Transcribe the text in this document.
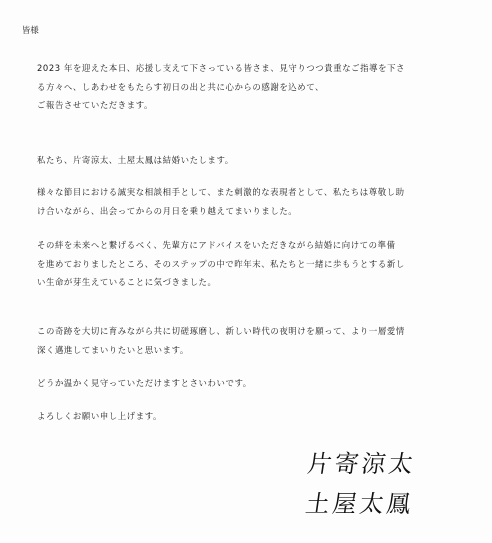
皆様
2023 年を迎えた本日、応援し支えて下さっている皆さま、見守りつつ貴重なご指導を下さ
る方々へ、しあわせをもたらす初日の出と共に心からの感謝を込めて、
ご報告させていただきます。
私たち、片寄涼太、土屋太鳳は結婚いたします。
様々な節目における誠実な相談相手として、また刺激的な表現者として、私たちは尊敬し助
け合いながら、出会ってからの月日を乗り越えてまいりました。
その絆を未来へと繋げるべく、先輩方にアドバイスをいただきながら結婚に向けての準備
を進めておりましたところ、そのステップの中で昨年末、私たちと一緒に歩もうとする新し
い生命が芽生えていることに気づきました。
この奇跡を大切に育みながら共に切磋琢磨し、新しい時代の夜明けを願って、より一層愛情
深く邁進してまいりたいと思います。
どうか温かく見守っていただけますとさいわいです。
よろしくお願い申し上げます。
片寄涼太
土屋太鳳
